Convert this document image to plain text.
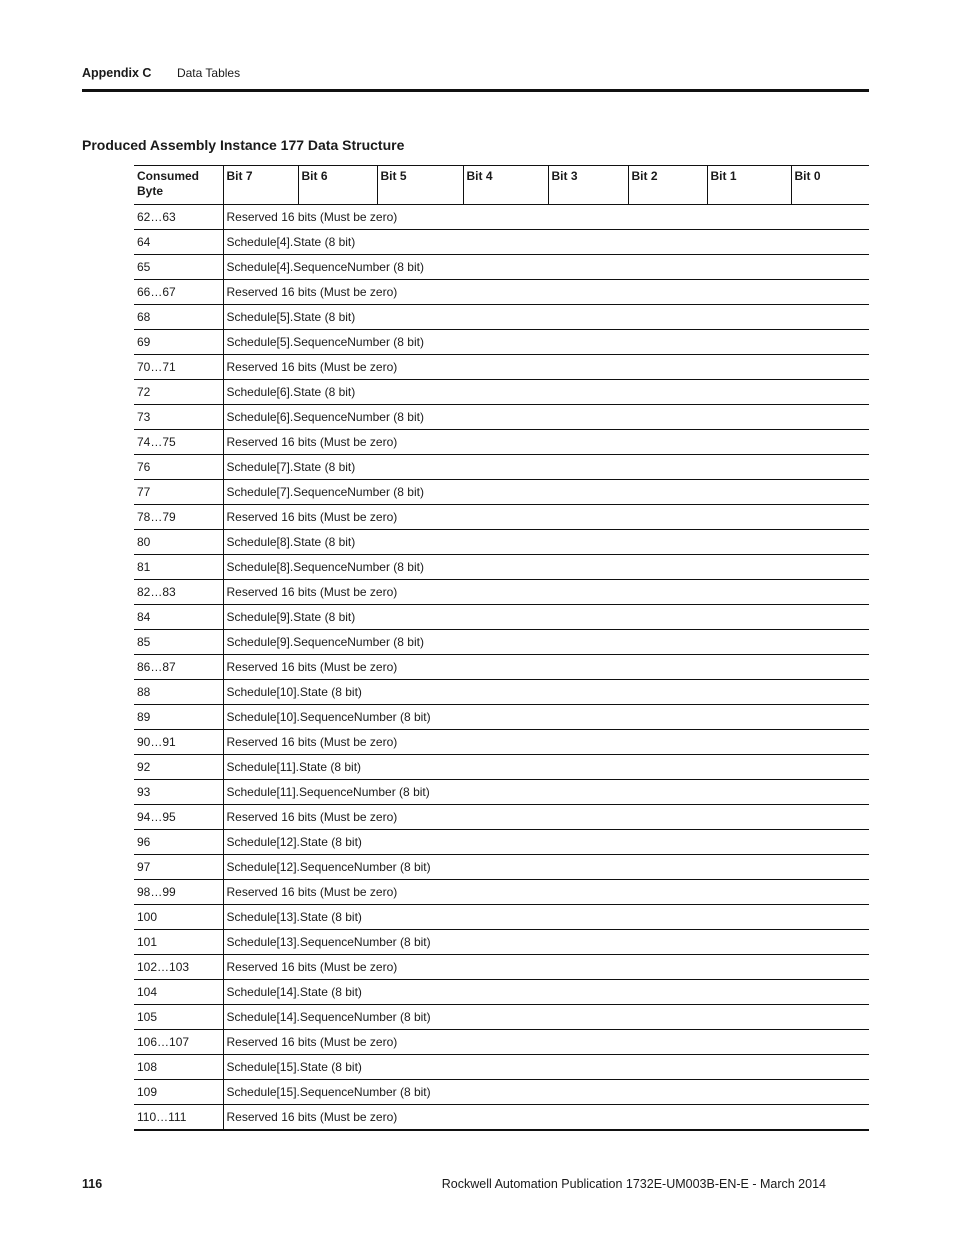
Appendix C Data Tables
Produced Assembly Instance 177 Data Structure
Consumed Byte	Bit 7	Bit 6	Bit 5	Bit 4	Bit 3	Bit 2	Bit 1	Bit 0
62…63	Reserved 16 bits (Must be zero)							
64	Schedule[4].State (8 bit)							
65	Schedule[4].SequenceNumber (8 bit)							
66…67	Reserved 16 bits (Must be zero)							
68	Schedule[5].State (8 bit)							
69	Schedule[5].SequenceNumber (8 bit)							
70…71	Reserved 16 bits (Must be zero)							
72	Schedule[6].State (8 bit)							
73	Schedule[6].SequenceNumber (8 bit)							
74…75	Reserved 16 bits (Must be zero)							
76	Schedule[7].State (8 bit)							
77	Schedule[7].SequenceNumber (8 bit)							
78…79	Reserved 16 bits (Must be zero)							
80	Schedule[8].State (8 bit)							
81	Schedule[8].SequenceNumber (8 bit)							
82…83	Reserved 16 bits (Must be zero)							
84	Schedule[9].State (8 bit)							
85	Schedule[9].SequenceNumber (8 bit)							
86…87	Reserved 16 bits (Must be zero)							
88	Schedule[10].State (8 bit)							
89	Schedule[10].SequenceNumber (8 bit)							
90…91	Reserved 16 bits (Must be zero)							
92	Schedule[11].State (8 bit)							
93	Schedule[11].SequenceNumber (8 bit)							
94…95	Reserved 16 bits (Must be zero)							
96	Schedule[12].State (8 bit)							
97	Schedule[12].SequenceNumber (8 bit)							
98…99	Reserved 16 bits (Must be zero)							
100	Schedule[13].State (8 bit)							
101	Schedule[13].SequenceNumber (8 bit)							
102…103	Reserved 16 bits (Must be zero)							
104	Schedule[14].State (8 bit)							
105	Schedule[14].SequenceNumber (8 bit)							
106…107	Reserved 16 bits (Must be zero)							
108	Schedule[15].State (8 bit)							
109	Schedule[15].SequenceNumber (8 bit)							
110…111	Reserved 16 bits (Must be zero)							
116	Rockwell Automation Publication 1732E-UM003B-EN-E - March 2014
